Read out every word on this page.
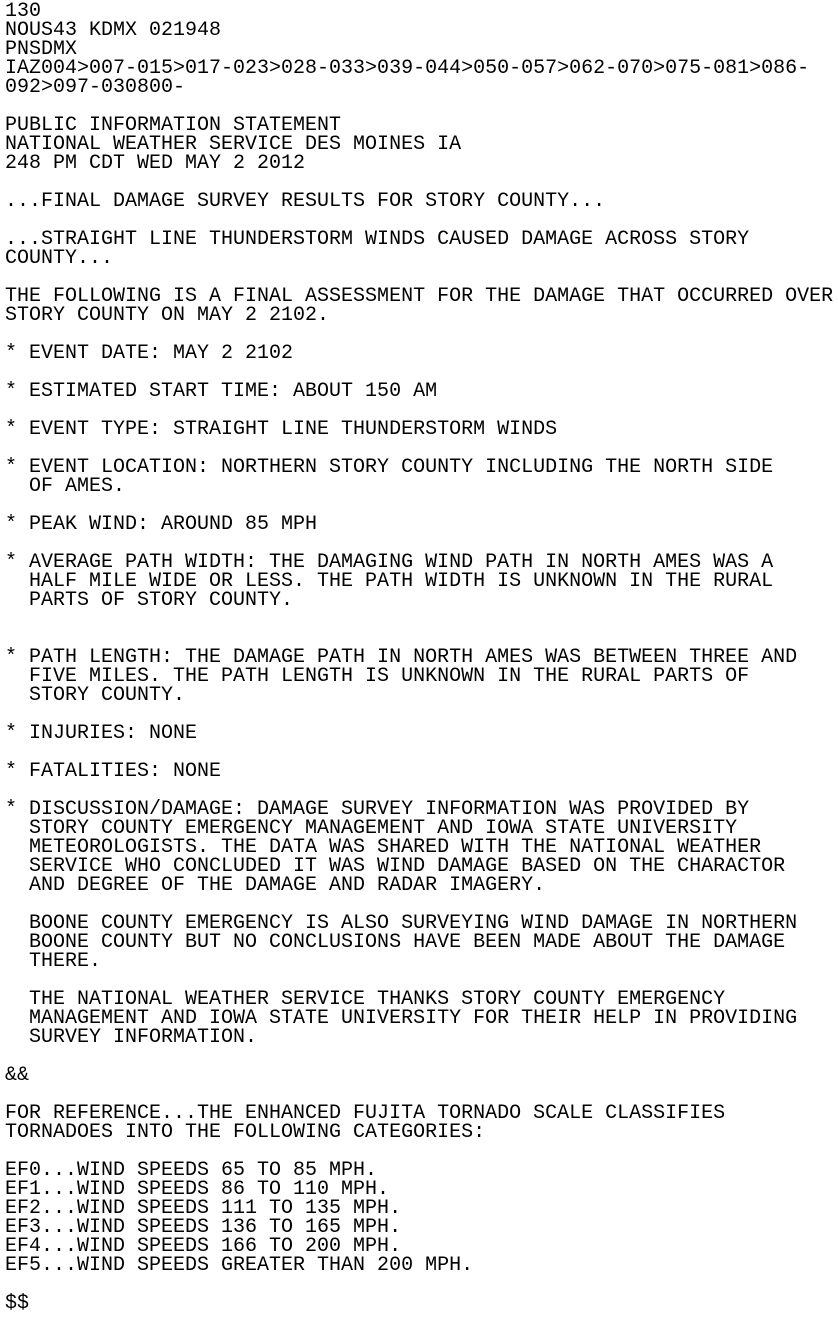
130
NOUS43 KDMX 021948
PNSDMX
IAZ004>007-015>017-023>028-033>039-044>050-057>062-070>075-081>086-
092>097-030800-
PUBLIC INFORMATION STATEMENT
NATIONAL WEATHER SERVICE DES MOINES IA
248 PM CDT WED MAY 2 2012
...FINAL DAMAGE SURVEY RESULTS FOR STORY COUNTY...
...STRAIGHT LINE THUNDERSTORM WINDS CAUSED DAMAGE ACROSS STORY
COUNTY...
THE FOLLOWING IS A FINAL ASSESSMENT FOR THE DAMAGE THAT OCCURRED OVER
STORY COUNTY ON MAY 2 2102.
* EVENT DATE: MAY 2 2102
* ESTIMATED START TIME: ABOUT 150 AM
* EVENT TYPE: STRAIGHT LINE THUNDERSTORM WINDS
* EVENT LOCATION: NORTHERN STORY COUNTY INCLUDING THE NORTH SIDE
OF AMES.
* PEAK WIND: AROUND 85 MPH
* AVERAGE PATH WIDTH: THE DAMAGING WIND PATH IN NORTH AMES WAS A
HALF MILE WIDE OR LESS. THE PATH WIDTH IS UNKNOWN IN THE RURAL
PARTS OF STORY COUNTY.
* PATH LENGTH: THE DAMAGE PATH IN NORTH AMES WAS BETWEEN THREE AND
FIVE MILES. THE PATH LENGTH IS UNKNOWN IN THE RURAL PARTS OF
STORY COUNTY.
* INJURIES: NONE
* FATALITIES: NONE
* DISCUSSION/DAMAGE: DAMAGE SURVEY INFORMATION WAS PROVIDED BY
STORY COUNTY EMERGENCY MANAGEMENT AND IOWA STATE UNIVERSITY
METEOROLOGISTS. THE DATA WAS SHARED WITH THE NATIONAL WEATHER
SERVICE WHO CONCLUDED IT WAS WIND DAMAGE BASED ON THE CHARACTOR
AND DEGREE OF THE DAMAGE AND RADAR IMAGERY.
BOONE COUNTY EMERGENCY IS ALSO SURVEYING WIND DAMAGE IN NORTHERN
BOONE COUNTY BUT NO CONCLUSIONS HAVE BEEN MADE ABOUT THE DAMAGE
THERE.
THE NATIONAL WEATHER SERVICE THANKS STORY COUNTY EMERGENCY
MANAGEMENT AND IOWA STATE UNIVERSITY FOR THEIR HELP IN PROVIDING
SURVEY INFORMATION.
&&
FOR REFERENCE...THE ENHANCED FUJITA TORNADO SCALE CLASSIFIES
TORNADOES INTO THE FOLLOWING CATEGORIES:
EF0...WIND SPEEDS 65 TO 85 MPH.
EF1...WIND SPEEDS 86 TO 110 MPH.
EF2...WIND SPEEDS 111 TO 135 MPH.
EF3...WIND SPEEDS 136 TO 165 MPH.
EF4...WIND SPEEDS 166 TO 200 MPH.
EF5...WIND SPEEDS GREATER THAN 200 MPH.
$$
